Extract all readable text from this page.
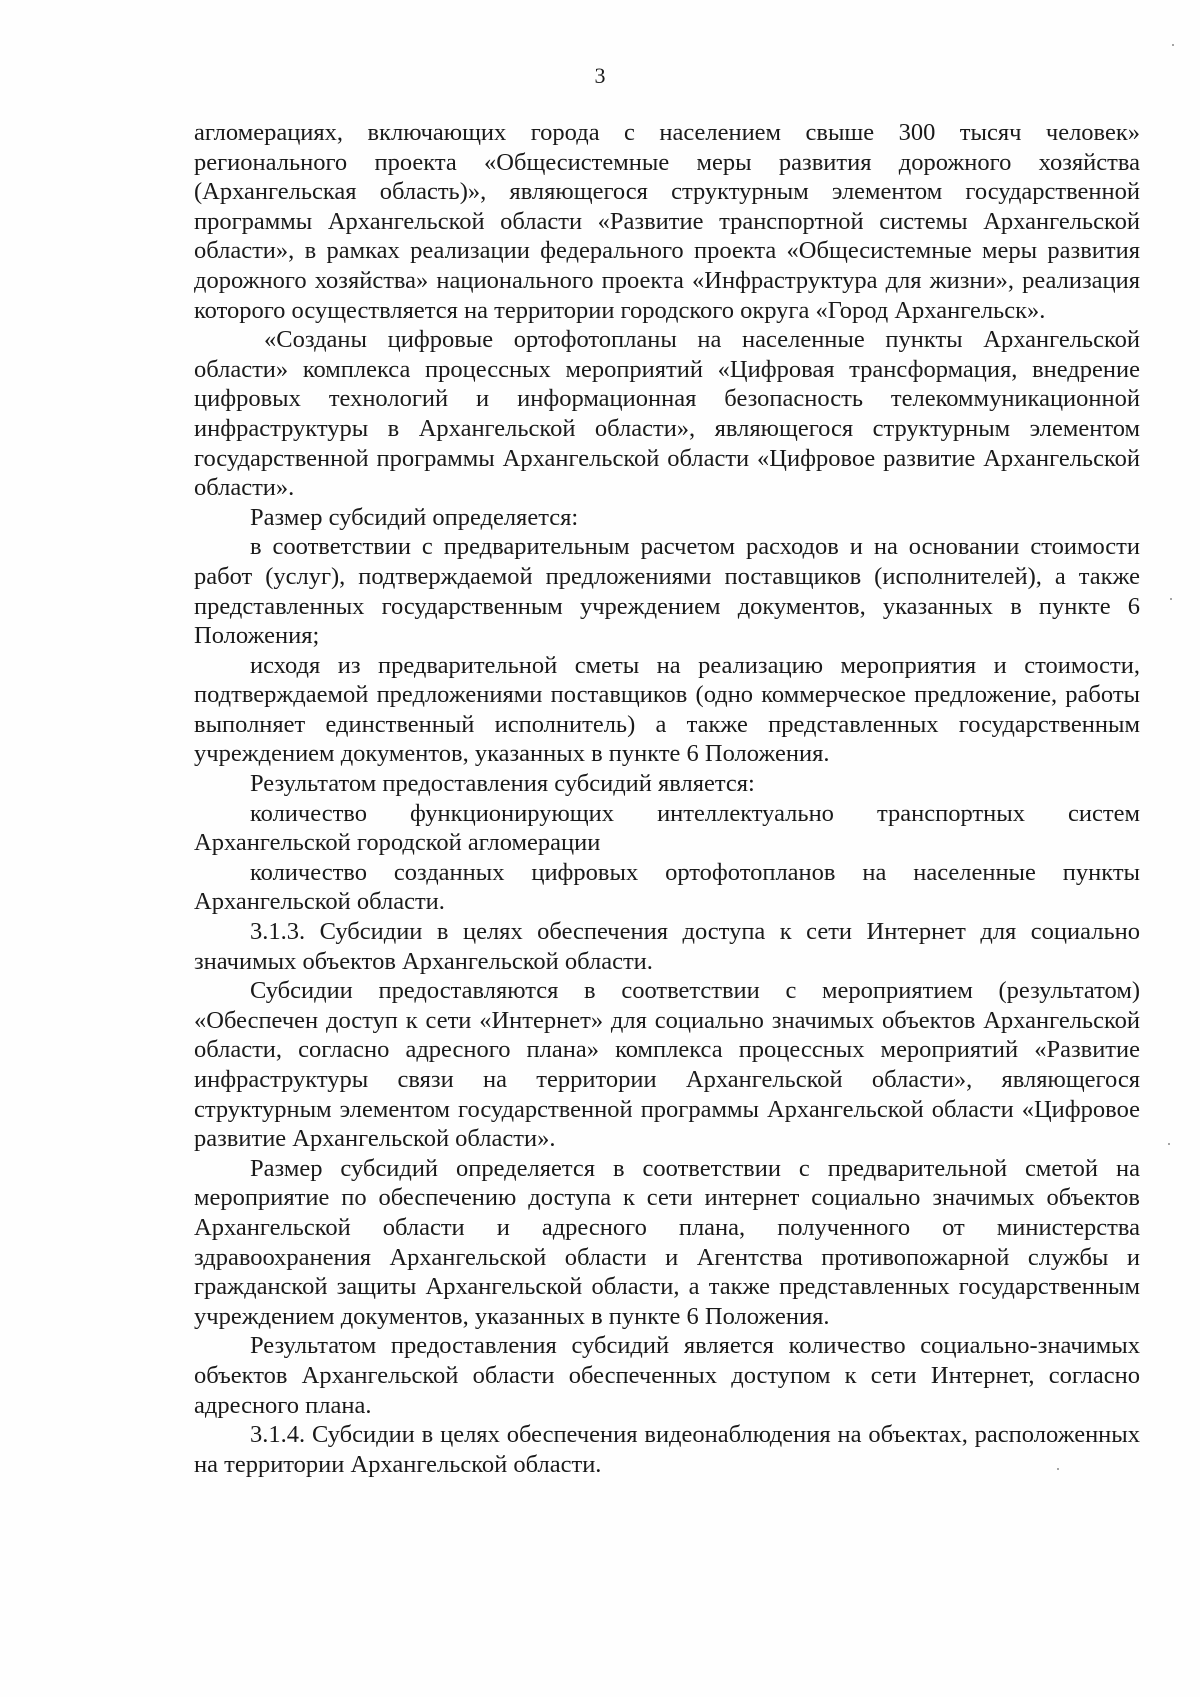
3

агломерациях, включающих города с населением свыше 300 тысяч человек» регионального проекта «Общесистемные меры развития дорожного хозяйства (Архангельская область)», являющегося структурным элементом государственной программы Архангельской области «Развитие транспортной системы Архангельской области», в рамках реализации федерального проекта «Общесистемные меры развития дорожного хозяйства» национального проекта «Инфраструктура для жизни», реализация которого осуществляется на территории городского округа «Город Архангельск».

«Созданы цифровые ортофотопланы на населенные пункты Архангельской области» комплекса процессных мероприятий «Цифровая трансформация, внедрение цифровых технологий и информационная безопасность телекоммуникационной инфраструктуры в Архангельской области», являющегося структурным элементом государственной программы Архангельской области «Цифровое развитие Архангельской области».

Размер субсидий определяется:

в соответствии с предварительным расчетом расходов и на основании стоимости работ (услуг), подтверждаемой предложениями поставщиков (исполнителей), а также представленных государственным учреждением документов, указанных в пункте 6 Положения;

исходя из предварительной сметы на реализацию мероприятия и стоимости, подтверждаемой предложениями поставщиков (одно коммерческое предложение, работы выполняет единственный исполнитель) а также представленных государственным учреждением документов, указанных в пункте 6 Положения.

Результатом предоставления субсидий является:

количество функционирующих интеллектуально транспортных систем Архангельской городской агломерации

количество созданных цифровых ортофотопланов на населенные пункты Архангельской области.

3.1.3. Субсидии в целях обеспечения доступа к сети Интернет для социально значимых объектов Архангельской области.

Субсидии предоставляются в соответствии с мероприятием (результатом) «Обеспечен доступ к сети «Интернет» для социально значимых объектов Архангельской области, согласно адресного плана» комплекса процессных мероприятий «Развитие инфраструктуры связи на территории Архангельской области», являющегося структурным элементом государственной программы Архангельской области «Цифровое развитие Архангельской области».

Размер субсидий определяется в соответствии с предварительной сметой на мероприятие по обеспечению доступа к сети интернет социально значимых объектов Архангельской области и адресного плана, полученного от министерства здравоохранения Архангельской области и Агентства противопожарной службы и гражданской защиты Архангельской области, а также представленных государственным учреждением документов, указанных в пункте 6 Положения.

Результатом предоставления субсидий является количество социально-значимых объектов Архангельской области обеспеченных доступом к сети Интернет, согласно адресного плана.

3.1.4. Субсидии в целях обеспечения видеонаблюдения на объектах, расположенных на территории Архангельской области.
